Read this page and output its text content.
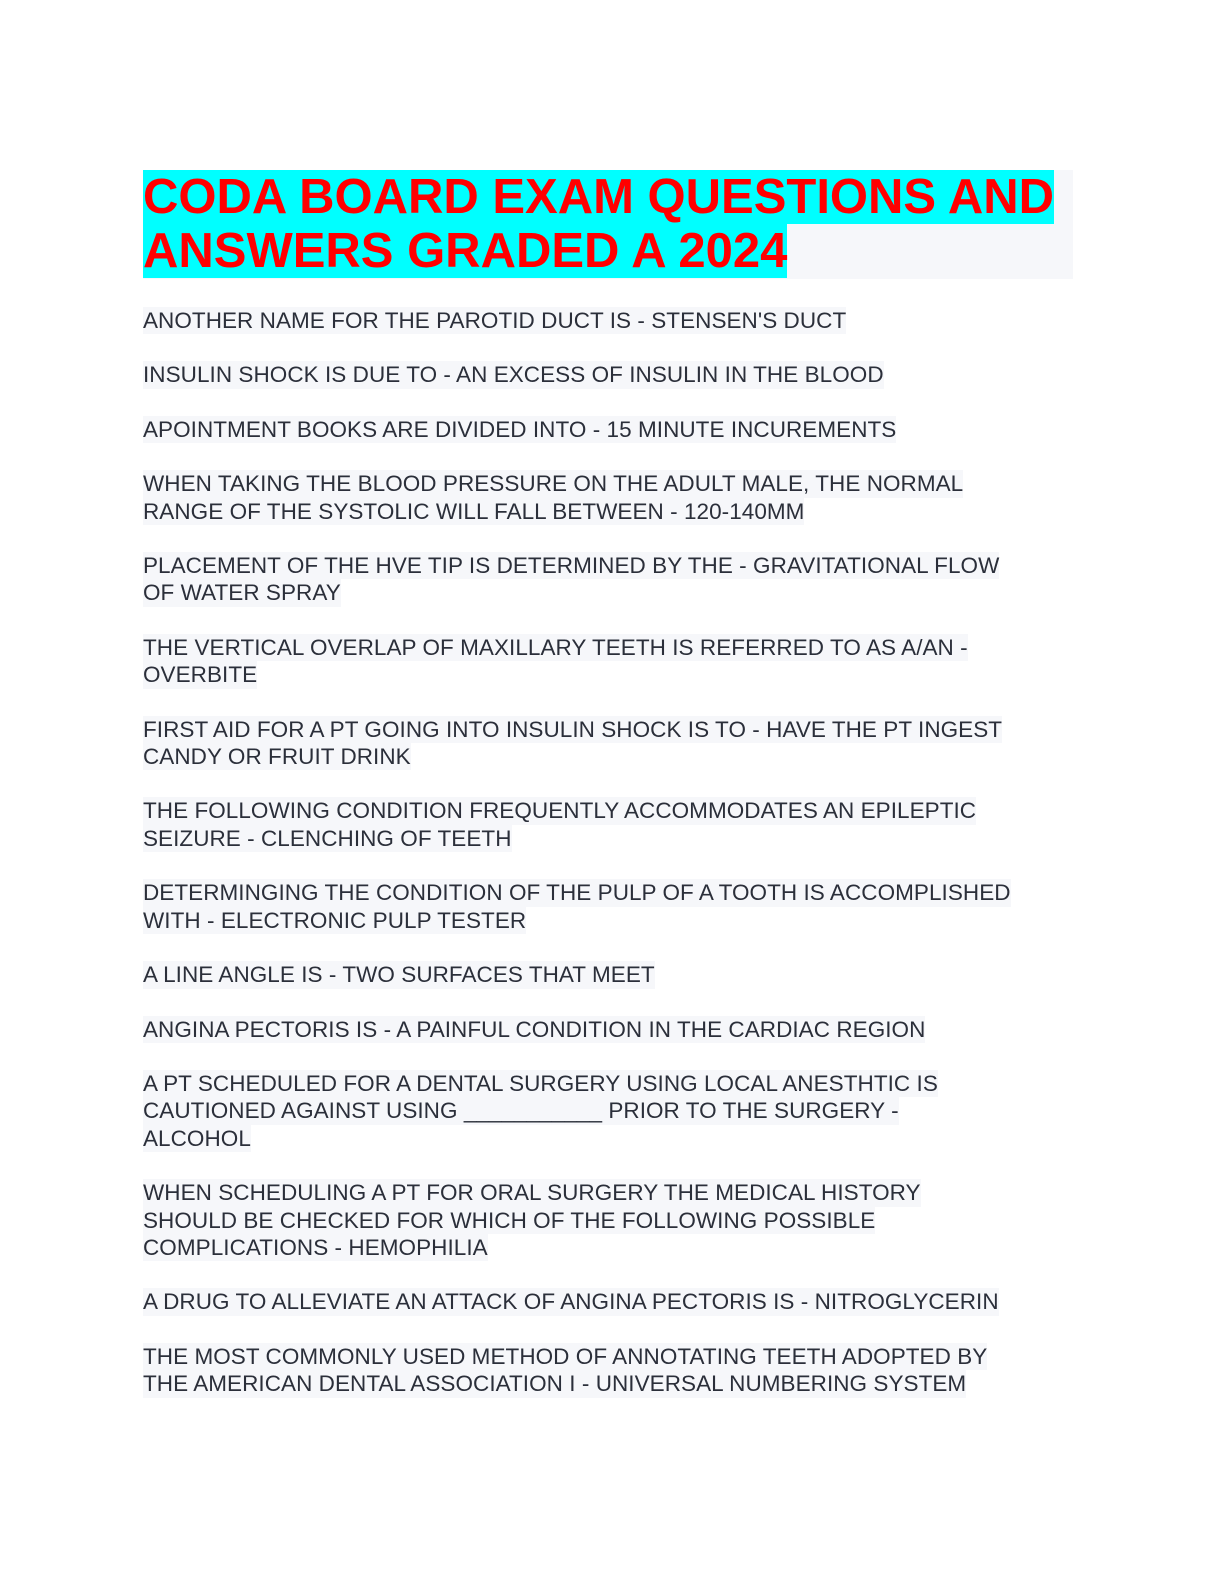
CODA BOARD EXAM QUESTIONS AND
ANSWERS GRADED A 2024
ANOTHER NAME FOR THE PAROTID DUCT IS - STENSEN'S DUCT
INSULIN SHOCK IS DUE TO - AN EXCESS OF INSULIN IN THE BLOOD
APOINTMENT BOOKS ARE DIVIDED INTO - 15 MINUTE INCUREMENTS
WHEN TAKING THE BLOOD PRESSURE ON THE ADULT MALE, THE NORMAL
RANGE OF THE SYSTOLIC WILL FALL BETWEEN - 120-140MM
PLACEMENT OF THE HVE TIP IS DETERMINED BY THE - GRAVITATIONAL FLOW
OF WATER SPRAY
THE VERTICAL OVERLAP OF MAXILLARY TEETH IS REFERRED TO AS A/AN -
OVERBITE
FIRST AID FOR A PT GOING INTO INSULIN SHOCK IS TO - HAVE THE PT INGEST
CANDY OR FRUIT DRINK
THE FOLLOWING CONDITION FREQUENTLY ACCOMMODATES AN EPILEPTIC
SEIZURE - CLENCHING OF TEETH
DETERMINGING THE CONDITION OF THE PULP OF A TOOTH IS ACCOMPLISHED
WITH - ELECTRONIC PULP TESTER
A LINE ANGLE IS - TWO SURFACES THAT MEET
ANGINA PECTORIS IS - A PAINFUL CONDITION IN THE CARDIAC REGION
A PT SCHEDULED FOR A DENTAL SURGERY USING LOCAL ANESTHTIC IS
CAUTIONED AGAINST USING ___________ PRIOR TO THE SURGERY -
ALCOHOL
WHEN SCHEDULING A PT FOR ORAL SURGERY THE MEDICAL HISTORY
SHOULD BE CHECKED FOR WHICH OF THE FOLLOWING POSSIBLE
COMPLICATIONS - HEMOPHILIA
A DRUG TO ALLEVIATE AN ATTACK OF ANGINA PECTORIS IS - NITROGLYCERIN
THE MOST COMMONLY USED METHOD OF ANNOTATING TEETH ADOPTED BY
THE AMERICAN DENTAL ASSOCIATION I - UNIVERSAL NUMBERING SYSTEM
